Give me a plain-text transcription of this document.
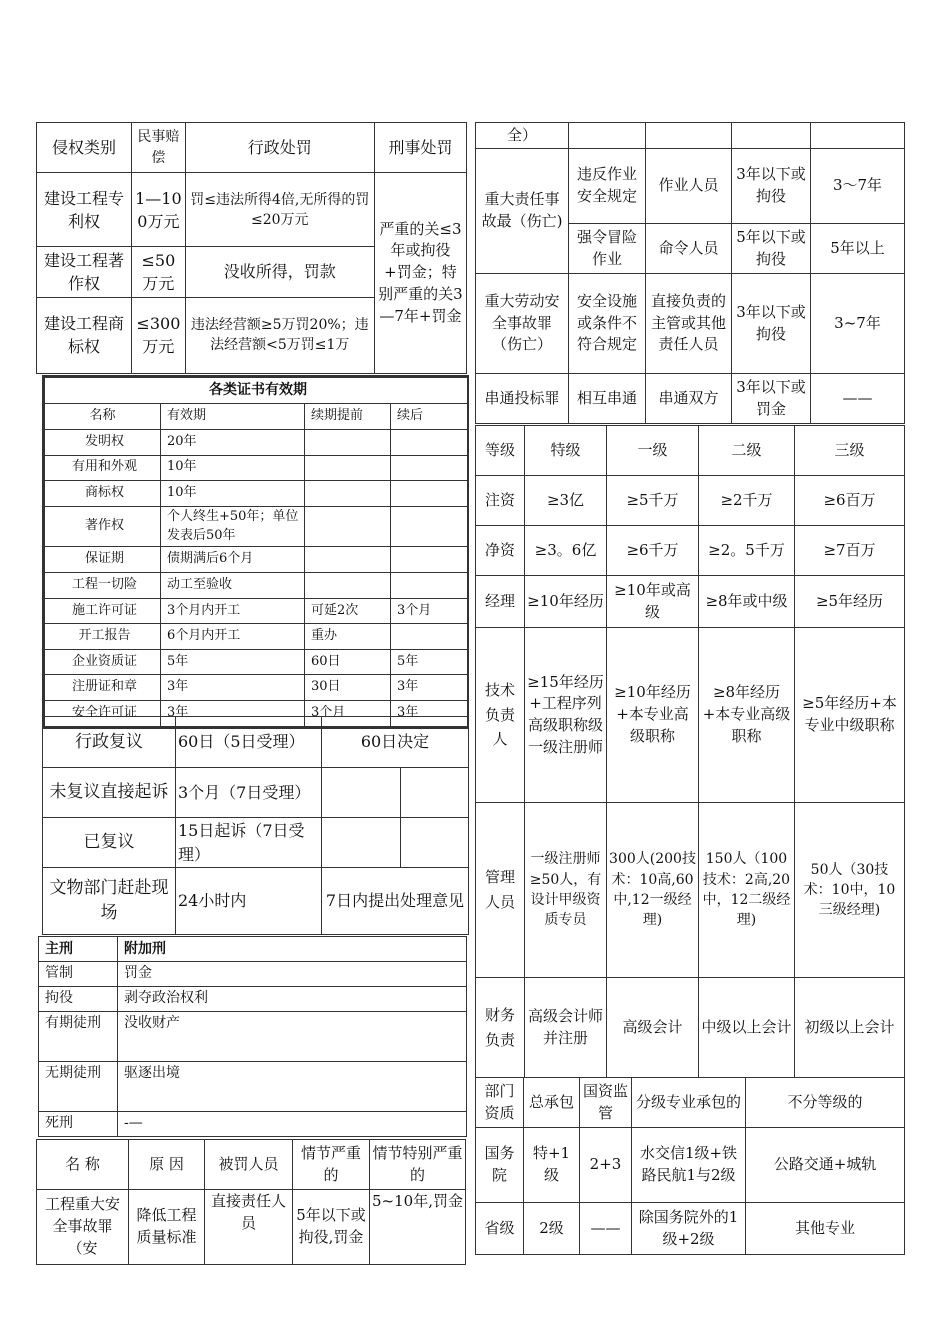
侵权类别	民事赔偿	行政处罚	刑事处罚
建设工程专利权	1—100万元	罚≤违法所得4倍,无所得的罚≤20万元	严重的关≤3年或拘役+罚金；特别严重的关3—7年+罚金
建设工程著作权	≤50万元	没收所得，罚款	
建设工程商标权	≤300万元	违法经营额≥5万罚20%；违法经营额<5万罚≤1万	
各类证书有效期			
名称	有效期	续期提前	续后
发明权	20年		
有用和外观	10年		
商标权	10年		
著作权	个人终生+50年；单位发表后50年		
保证期	债期满后6个月		
工程一切险	动工至验收		
施工许可证	3个月内开工	可延2次	3个月
开工报告	6个月内开工	重办	
企业资质证	5年	60日	5年
注册证和章	3年	30日	3年
安全许可证	3年	3个月	3年
行政复议	60日（5日受理）	60日决定	
未复议直接起诉	3个月（7日受理）		
已复议	15日起诉（7日受理）		
文物部门赶赴现场	24小时内	7日内提出处理意见	
主刑	附加刑
管制	罚金
拘役	剥夺政治权利
有期徒刑	没收财产
无期徒刑	驱逐出境
死刑	-—
名 称	原 因	被罚人员	情节严重的	情节特别严重的
工程重大安全事故罪（安	降低工程质量标准	直接责任人员	5年以下或拘役,罚金	5~10年,罚金
全）				
重大责任事故最（伤亡)	违反作业安全规定	作业人员	3年以下或拘役	3～7年
	强令冒险作业	命令人员	5年以下或拘役	5年以上
重大劳动安全事故罪（伤亡）	安全设施或条件不符合规定	直接负责的主管或其他责任人员	3年以下或拘役	3~7年
串通投标罪	相互串通	串通双方	3年以下或罚金	——
等级	特级	一级	二级	三级
注资	≥3亿	≥5千万	≥2千万	≥6百万
净资	≥3。6亿	≥6千万	≥2。5千万	≥7百万
经理	≥10年经历	≥10年或高级	≥8年或中级	≥5年经历
技术负责人	≥15年经历+工程序列高级职称级一级注册师	≥10年经历+本专业高级职称	≥8年经历+本专业高级职称	≥5年经历+本专业中级职称
管理人员	一级注册师≥50人，有设计甲级资质专员	300人(200技术：10高,60中,12一级经理)	150人（100技术：2高,20中，12二级经理)	50人（30技术：10中，10三级经理)
财务负责	高级会计师并注册	高级会计	中级以上会计	初级以上会计
部门资质	总承包	国资监管	分级专业承包的	不分等级的
国务院	特+1级	2+3	水交信1级+铁路民航1与2级	公路交通+城轨
省级	2级	——	除国务院外的1级+2级	其他专业
